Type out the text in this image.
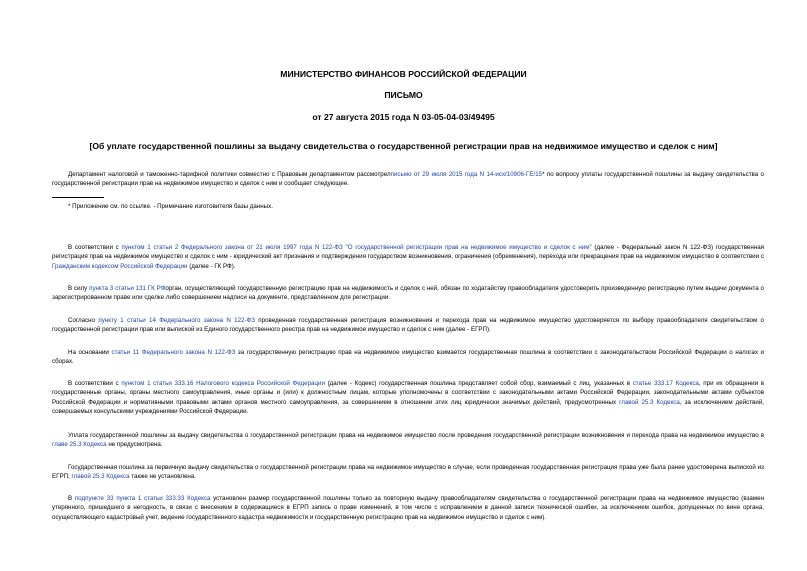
МИНИСТЕРСТВО ФИНАНСОВ РОССИЙСКОЙ ФЕДЕРАЦИИ
ПИСЬМО
от 27 августа 2015 года N 03-05-04-03/49495
[Об уплате государственной пошлины за выдачу свидетельства о государственной регистрации прав на недвижимое имущество и сделок с ним]

Департамент налоговой и таможенно-тарифной политики совместно с Правовым департаментом рассмотрелписьмо от 29 июля 2015 года N 14-исх/10906-ГЕ/15* по вопросу уплаты государственной пошлины за выдачу свидетельства о государственной регистрации прав на недвижимое имущество и сделок с ним и сообщает следующее.

* Приложение см. по ссылке. - Примечание изготовителя базы данных.

В соответствии с пунктом 1 статьи 2 Федерального закона от 21 июля 1997 года N 122-ФЗ "О государственной регистрации прав на недвижимое имущество и сделок с ним" (далее - Федеральный закон N 122-ФЗ) государственная регистрация прав на недвижимое имущество и сделок с ним - юридический акт признания и подтверждения государством возникновения, ограничения (обременения), перехода или прекращения прав на недвижимое имущество в соответствии с Гражданским кодексом Российской Федерации (далее - ГК РФ).

В силу пункта 3 статьи 131 ГК РФорган, осуществляющий государственную регистрацию прав на недвижимость и сделок с ней, обязан по ходатайству правообладателя удостоверить произведенную регистрацию путем выдачи документа о зарегистрированном праве или сделке либо совершением надписи на документе, представленном для регистрации.

Согласно пункту 1 статьи 14 Федерального закона N 122-ФЗ проведенная государственная регистрация возникновения и перехода прав на недвижимое имущество удостоверяется по выбору правообладателя свидетельством о государственной регистрации прав или выпиской из Единого государственного реестра прав на недвижимое имущество и сделок с ним (далее - ЕГРП).

На основании статьи 11 Федерального закона N 122-ФЗ за государственную регистрацию прав на недвижимое имущество взимается государственная пошлина в соответствии с законодательством Российской Федерации о налогах и сборах.

В соответствии с пунктом 1 статьи 333.16 Налогового кодекса Российской Федерации (далее - Кодекс) государственная пошлина представляет собой сбор, взимаемый с лиц, указанных в статье 333.17 Кодекса, при их обращении в государственные органы, органы местного самоуправления, иные органы и (или) к должностным лицам, которые уполномочены в соответствии с законодательными актами Российской Федерации, законодательными актами субъектов Российской Федерации и нормативными правовыми актами органов местного самоуправления, за совершением в отношении этих лиц юридически значимых действий, предусмотренных главой 25.3 Кодекса, за исключением действий, совершаемых консульскими учреждениями Российской Федерации.

Уплата государственной пошлины за выдачу свидетельства о государственной регистрации права на недвижимое имущество после проведения государственной регистрации возникновения и перехода права на недвижимое имущество в главе 25.3 Кодекса не предусмотрена.

Государственная пошлина за первичную выдачу свидетельства о государственной регистрации права на недвижимое имущество в случае, если проведенная государственная регистрация права уже была ранее удостоверена выпиской из ЕГРП, главой 25.3 Кодекса также не установлена.

В подпункте 33 пункта 1 статьи 333.33 Кодекса установлен размер государственной пошлины только за повторную выдачу правообладателям свидетельства о государственной регистрации права на недвижимое имущество (взамен утерянного, пришедшего в негодность, в связи с внесением в содержащиеся в ЕГРП запись о праве изменений, в том числе с исправлением в данной записи технической ошибки, за исключением ошибок, допущенных по вине органа, осуществляющего кадастровый учет, ведение государственного кадастра недвижимости и государственную регистрацию прав на недвижимое имущество и сделок с ним).
